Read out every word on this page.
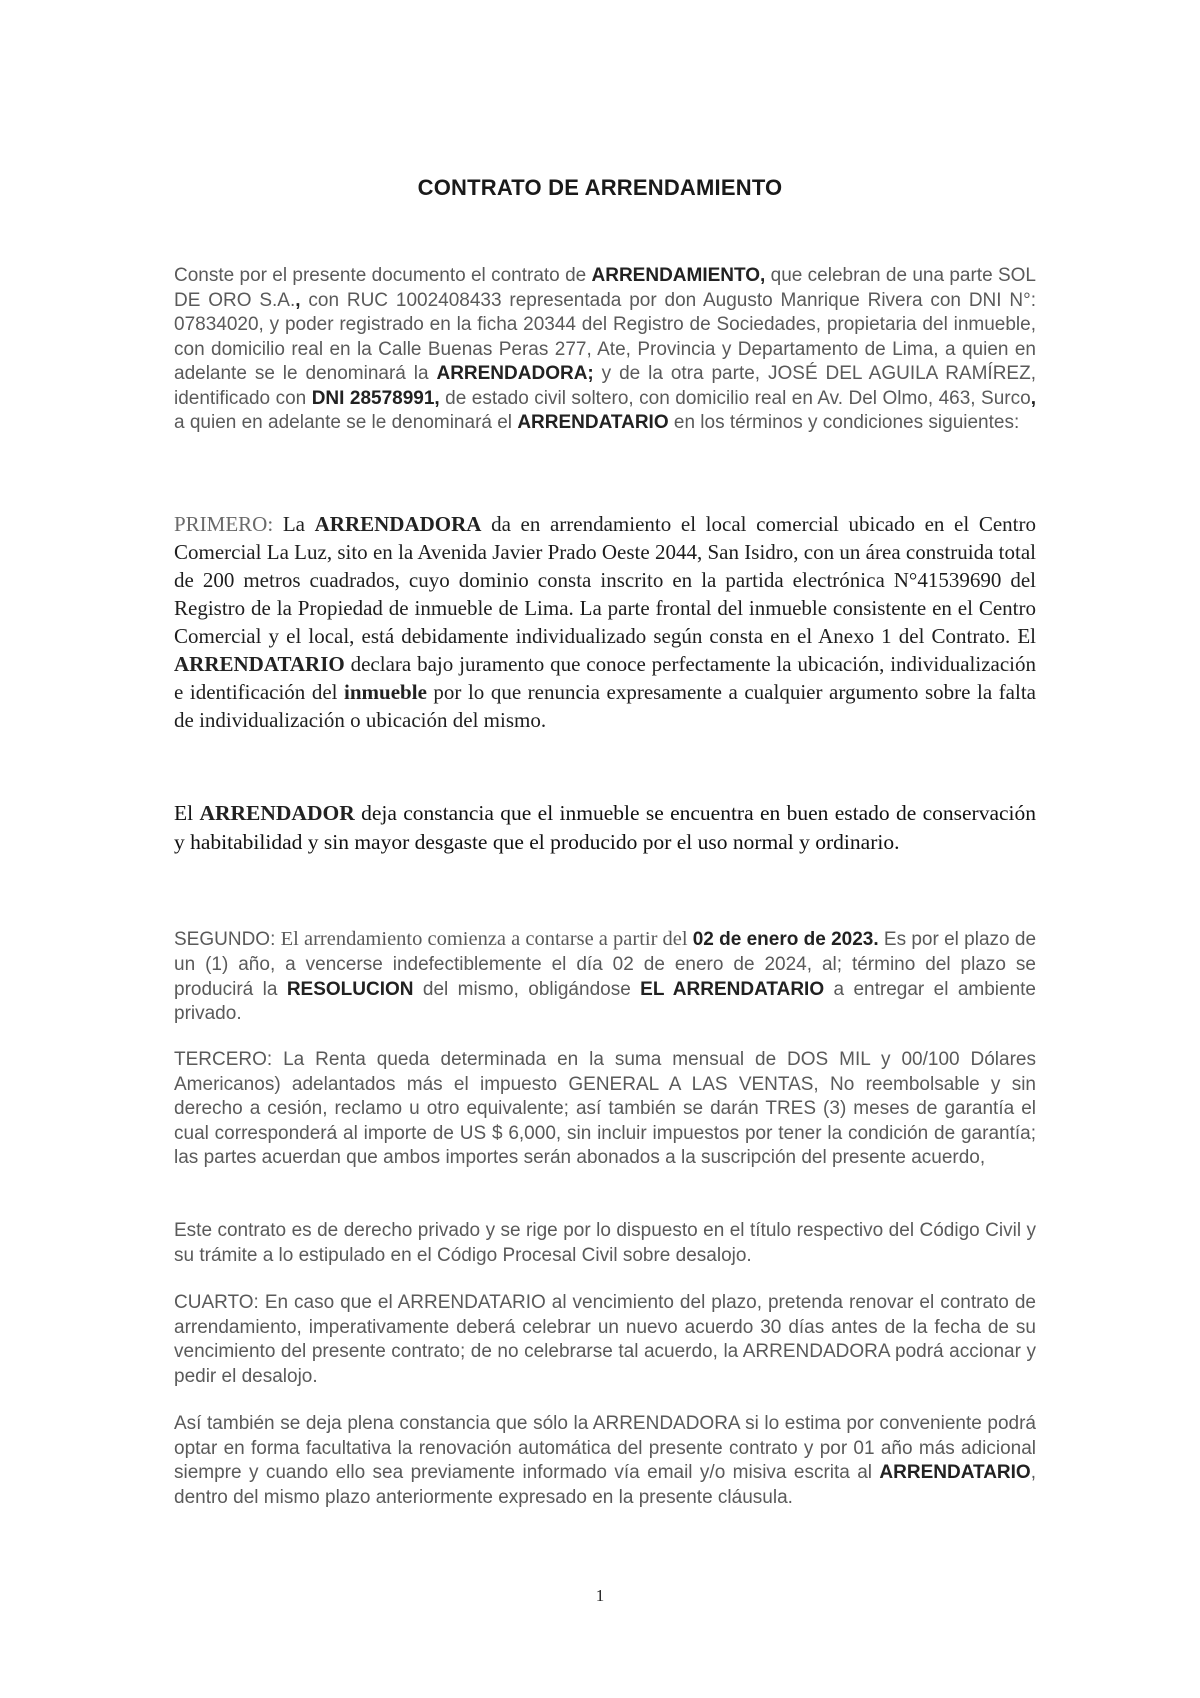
CONTRATO DE ARRENDAMIENTO

Conste por el presente documento el contrato de ARRENDAMIENTO, que celebran de una parte SOL DE ORO S.A., con RUC 1002408433 representada por don Augusto Manrique Rivera con DNI N°: 07834020, y poder registrado en la ficha 20344 del Registro de Sociedades, propietaria del inmueble, con domicilio real en la Calle Buenas Peras 277, Ate, Provincia y Departamento de Lima, a quien en adelante se le denominará la ARRENDADORA; y de la otra parte, JOSÉ DEL AGUILA RAMÍREZ, identificado con DNI 28578991, de estado civil soltero, con domicilio real en Av. Del Olmo, 463, Surco, a quien en adelante se le denominará el ARRENDATARIO en los términos y condiciones siguientes:

PRIMERO: La ARRENDADORA da en arrendamiento el local comercial ubicado en el Centro Comercial La Luz, sito en la Avenida Javier Prado Oeste 2044, San Isidro, con un área construida total de 200 metros cuadrados, cuyo dominio consta inscrito en la partida electrónica N°41539690 del Registro de la Propiedad de inmueble de Lima. La parte frontal del inmueble consistente en el Centro Comercial y el local, está debidamente individualizado según consta en el Anexo 1 del Contrato. El ARRENDATARIO declara bajo juramento que conoce perfectamente la ubicación, individualización e identificación del inmueble por lo que renuncia expresamente a cualquier argumento sobre la falta de individualización o ubicación del mismo.

El ARRENDADOR deja constancia que el inmueble se encuentra en buen estado de conservación y habitabilidad y sin mayor desgaste que el producido por el uso normal y ordinario.

SEGUNDO: El arrendamiento comienza a contarse a partir del 02 de enero de 2023. Es por el plazo de un (1) año, a vencerse indefectiblemente el día 02 de enero de 2024, al; término del plazo se producirá la RESOLUCION del mismo, obligándose EL ARRENDATARIO a entregar el ambiente privado.

TERCERO: La Renta queda determinada en la suma mensual de DOS MIL y 00/100 Dólares Americanos) adelantados más el impuesto GENERAL A LAS VENTAS, No reembolsable y sin derecho a cesión, reclamo u otro equivalente; así también se darán TRES (3) meses de garantía el cual corresponderá al importe de US $ 6,000, sin incluir impuestos por tener la condición de garantía; las partes acuerdan que ambos importes serán abonados a la suscripción del presente acuerdo,

Este contrato es de derecho privado y se rige por lo dispuesto en el título respectivo del Código Civil y su trámite a lo estipulado en el Código Procesal Civil sobre desalojo.

CUARTO: En caso que el ARRENDATARIO al vencimiento del plazo, pretenda renovar el contrato de arrendamiento, imperativamente deberá celebrar un nuevo acuerdo 30 días antes de la fecha de su vencimiento del presente contrato; de no celebrarse tal acuerdo, la ARRENDADORA podrá accionar y pedir el desalojo.

Así también se deja plena constancia que sólo la ARRENDADORA si lo estima por conveniente podrá optar en forma facultativa la renovación automática del presente contrato y por 01 año más adicional siempre y cuando ello sea previamente informado vía email y/o misiva escrita al ARRENDATARIO, dentro del mismo plazo anteriormente expresado en la presente cláusula.

1
